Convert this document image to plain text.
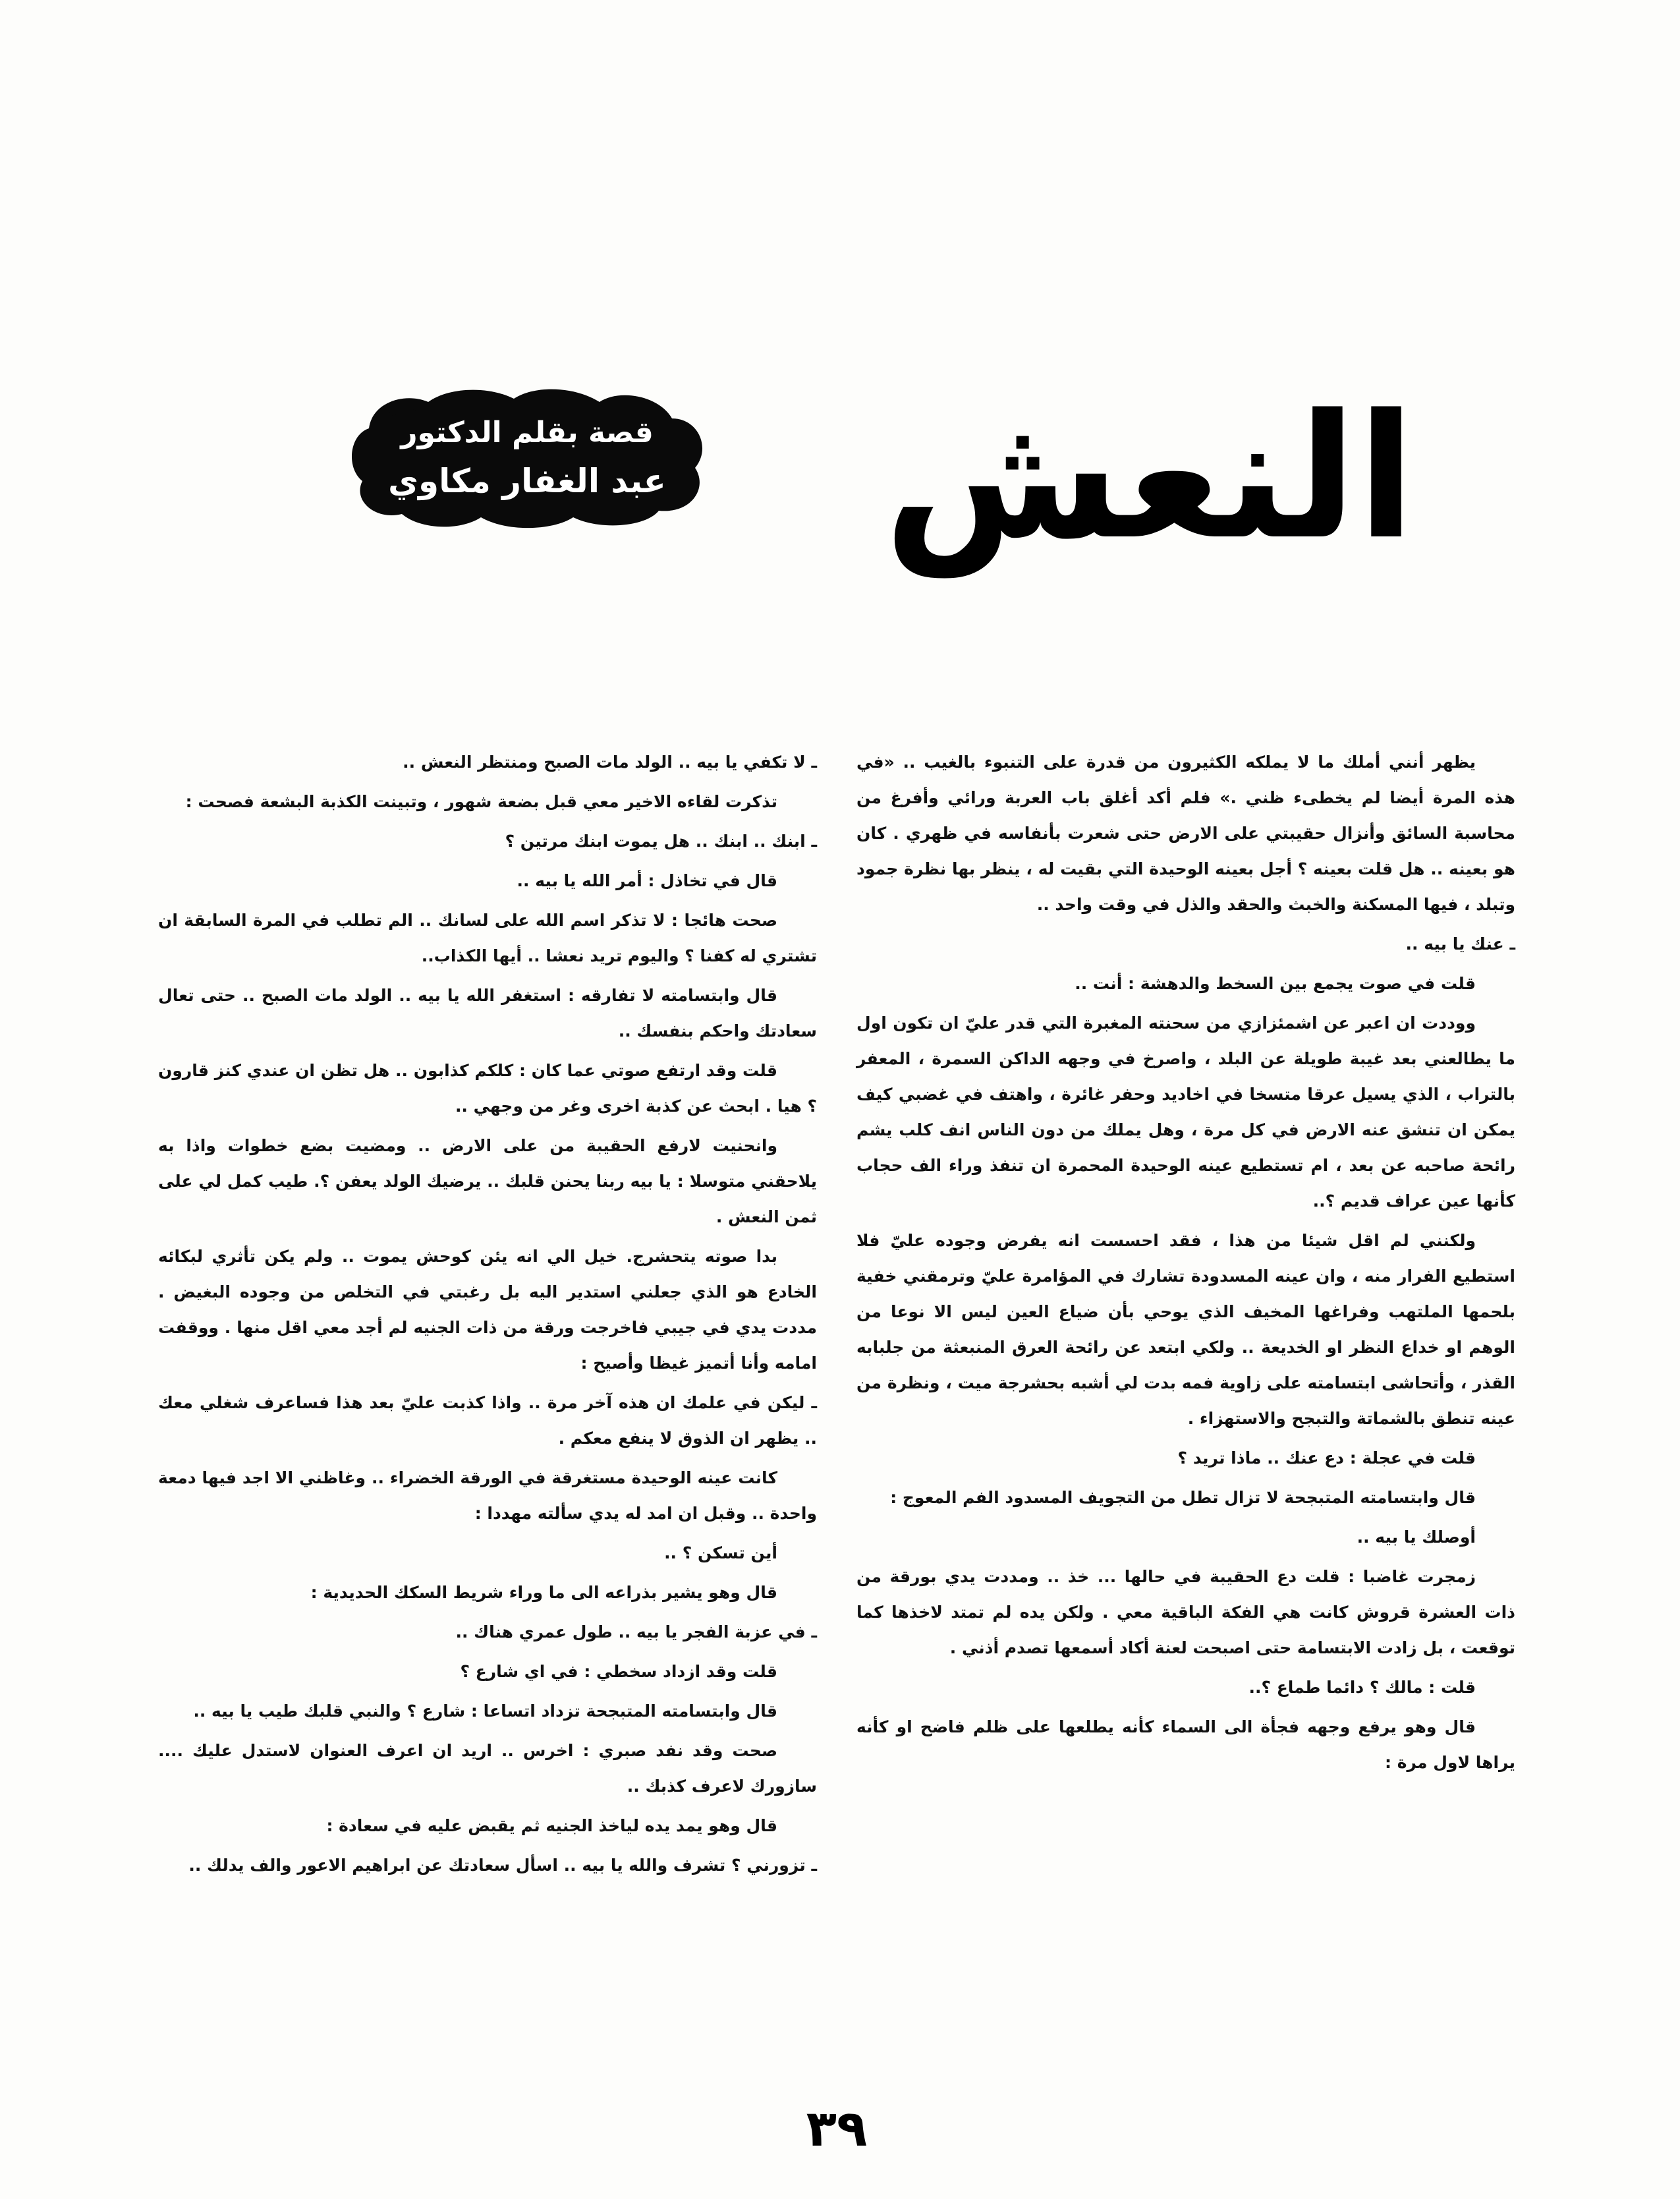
النعش
قصة بقلم الدكتور
عبد الغفار مكاوي

يظهر أنني أملك ما لا يملكه الكثيرون من قدرة على التنبوء بالغيب .. «في هذه المرة أيضا لم يخطىء ظني .» فلم أكد أغلق باب العربة ورائي وأفرغ من محاسبة السائق وأنزال حقيبتي على الارض حتى شعرت بأنفاسه في ظهري . كان هو بعينه .. هل قلت بعينه ؟ أجل بعينه الوحيدة التي بقيت له ، ينظر بها نظرة جمود وتبلد ، فيها المسكنة والخبث والحقد والذل في وقت واحد ..

ـ عنك يا بيه ..

قلت في صوت يجمع بين السخط والدهشة : أنت ..

ووددت ان اعبر عن اشمئزازي من سحنته المغبرة التي قدر عليّ ان تكون اول ما يطالعني بعد غيبة طويلة عن البلد ، واصرخ في وجهه الداكن السمرة ، المعفر بالتراب ، الذي يسيل عرقا متسخا في اخاديد وحفر غائرة ، واهتف في غضبي كيف يمكن ان تنشق عنه الارض في كل مرة ، وهل يملك من دون الناس انف كلب يشم رائحة صاحبه عن بعد ، ام تستطيع عينه الوحيدة المحمرة ان تنفذ وراء الف حجاب كأنها عين عراف قديم ؟..

ولكنني لم اقل شيئا من هذا ، فقد احسست انه يفرض وجوده عليّ فلا استطيع الفرار منه ، وان عينه المسدودة تشارك في المؤامرة عليّ وترمقني خفية بلحمها الملتهب وفراغها المخيف الذي يوحي بأن ضياع العين ليس الا نوعا من الوهم او خداع النظر او الخديعة .. ولكي ابتعد عن رائحة العرق المنبعثة من جلبابه القذر ، وأتحاشى ابتسامته على زاوية فمه بدت لي أشبه بحشرجة ميت ، ونظرة من عينه تنطق بالشماتة والتبجح والاستهزاء .

قلت في عجلة : دع عنك .. ماذا تريد ؟

قال وابتسامته المتبجحة لا تزال تطل من التجويف المسدود الفم المعوج :

أوصلك يا بيه ..

زمجرت غاضبا : قلت دع الحقيبة في حالها ... خذ .. ومددت يدي بورقة من ذات العشرة قروش كانت هي الفكة الباقية معي . ولكن يده لم تمتد لاخذها كما توقعت ، بل زادت الابتسامة حتى اصبحت لعنة أكاد أسمعها تصدم أذني .

قلت : مالك ؟ دائما طماع ؟..

قال وهو يرفع وجهه فجأة الى السماء كأنه يطلعها على ظلم فاضح او كأنه يراها لاول مرة :

ـ لا تكفي يا بيه .. الولد مات الصبح ومنتظر النعش ..

تذكرت لقاءه الاخير معي قبل بضعة شهور ، وتبينت الكذبة البشعة فصحت :

ـ ابنك .. ابنك .. هل يموت ابنك مرتين ؟

قال في تخاذل : أمر الله يا بيه ..

صحت هائجا : لا تذكر اسم الله على لسانك .. الم تطلب في المرة السابقة ان تشتري له كفنا ؟ واليوم تريد نعشا .. أيها الكذاب..

قال وابتسامته لا تفارقه : استغفر الله يا بيه .. الولد مات الصبح .. حتى تعال سعادتك واحكم بنفسك ..

قلت وقد ارتفع صوتي عما كان : كلكم كذابون .. هل تظن ان عندي كنز قارون ؟ هيا . ابحث عن كذبة اخرى وغر من وجهي ..

وانحنيت لارفع الحقيبة من على الارض .. ومضيت بضع خطوات واذا به يلاحقني متوسلا : يا بيه ربنا يحنن قلبك .. يرضيك الولد يعفن ؟. طيب كمل لي على ثمن النعش .

بدا صوته يتحشرج. خيل الي انه يئن كوحش يموت .. ولم يكن تأثري لبكائه الخادع هو الذي جعلني استدير اليه بل رغبتي في التخلص من وجوده البغيض . مددت يدي في جيبي فاخرجت ورقة من ذات الجنيه لم أجد معي اقل منها . ووقفت امامه وأنا أتميز غيظا وأصيح :

ـ ليكن في علمك ان هذه آخر مرة .. واذا كذبت عليّ بعد هذا فساعرف شغلي معك .. يظهر ان الذوق لا ينفع معكم .

كانت عينه الوحيدة مستغرقة في الورقة الخضراء .. وغاظني الا اجد فيها دمعة واحدة .. وقبل ان امد له يدي سألته مهددا :

أين تسكن ؟ ..

قال وهو يشير بذراعه الى ما وراء شريط السكك الحديدية :

ـ في عزبة الفجر يا بيه .. طول عمري هناك ..

قلت وقد ازداد سخطي : في اي شارع ؟

قال وابتسامته المتبجحة تزداد اتساعا : شارع ؟ والنبي قلبك طيب يا بيه ..

صحت وقد نفد صبري : اخرس .. اريد ان اعرف العنوان لاستدل عليك .... سازورك لاعرف كذبك ..

قال وهو يمد يده لياخذ الجنيه ثم يقبض عليه في سعادة :

ـ تزورني ؟ تشرف والله يا بيه .. اسأل سعادتك عن ابراهيم الاعور والف يدلك ..

٣٩
